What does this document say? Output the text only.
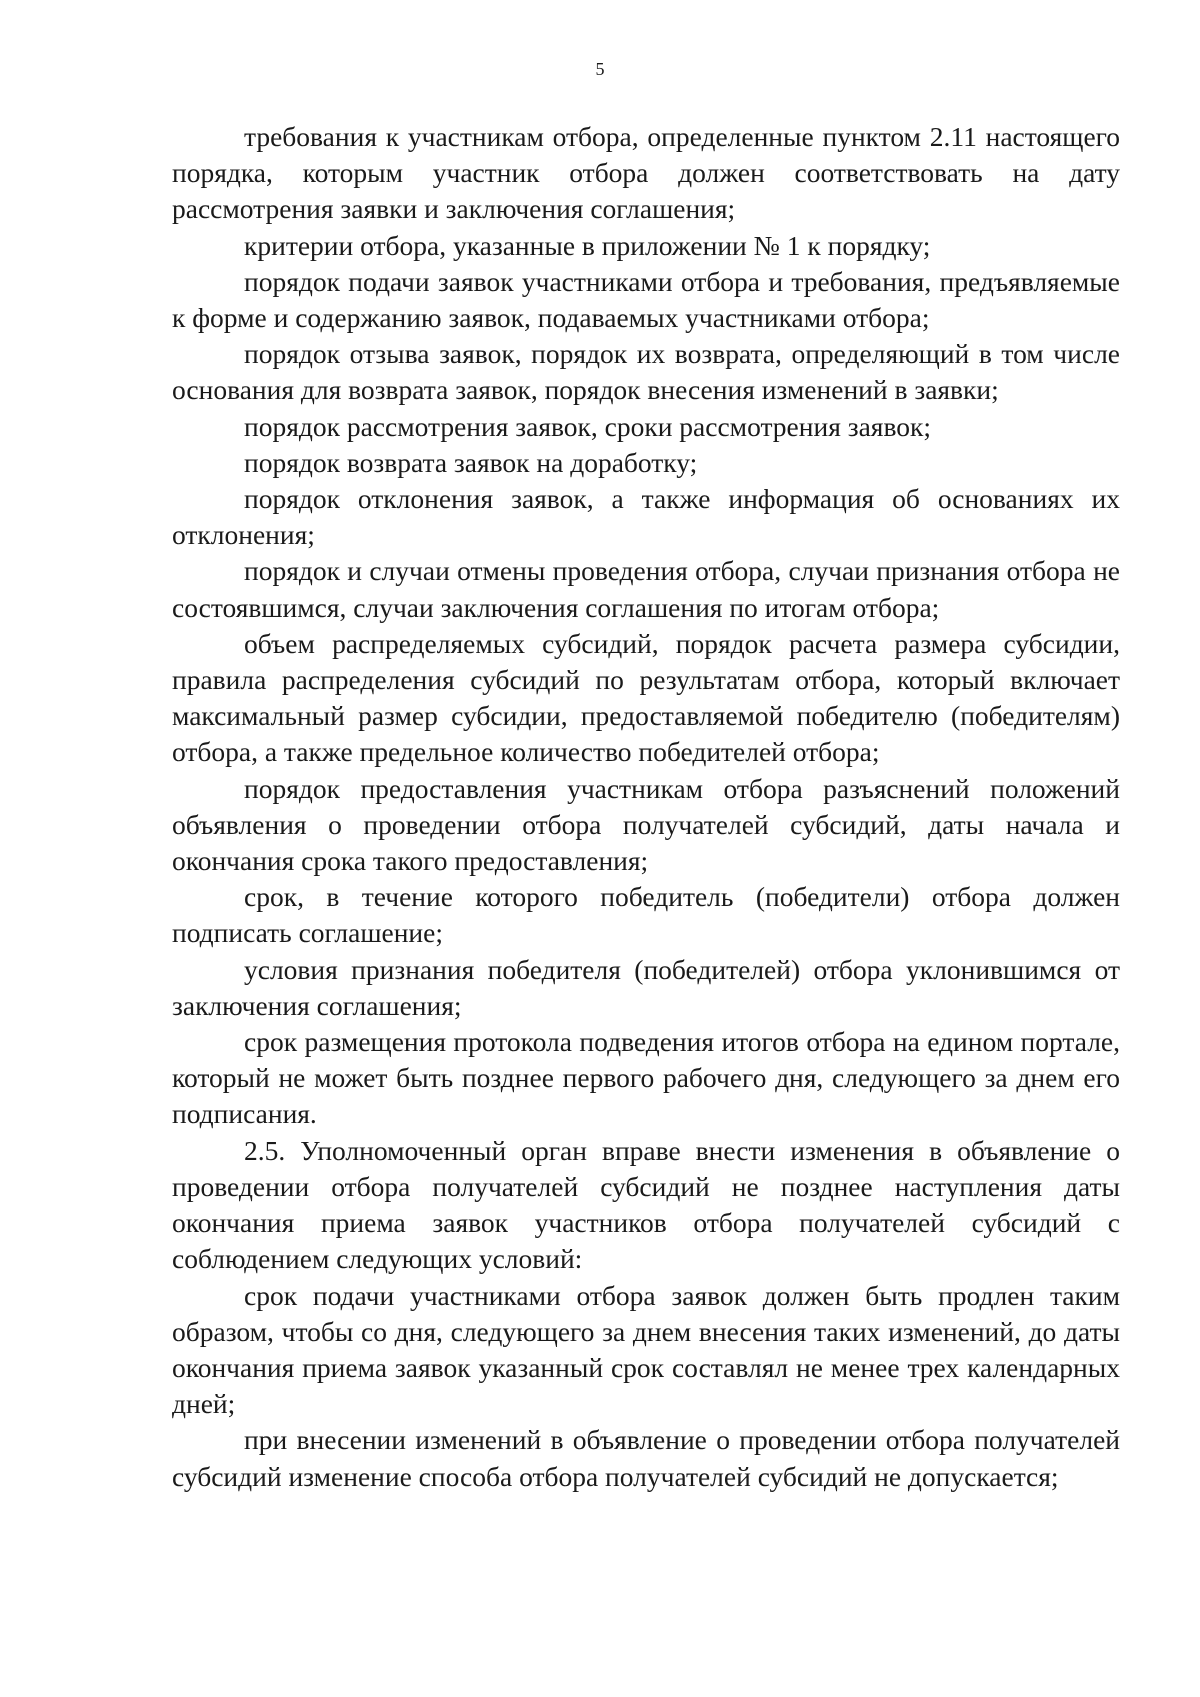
5

требования к участникам отбора, определенные пунктом 2.11 настоящего порядка, которым участник отбора должен соответствовать на дату рассмотрения заявки и заключения соглашения;

критерии отбора, указанные в приложении № 1 к порядку;

порядок подачи заявок участниками отбора и требования, предъявляемые к форме и содержанию заявок, подаваемых участниками отбора;

порядок отзыва заявок, порядок их возврата, определяющий в том числе основания для возврата заявок, порядок внесения изменений в заявки;

порядок рассмотрения заявок, сроки рассмотрения заявок;

порядок возврата заявок на доработку;

порядок отклонения заявок, а также информация об основаниях их отклонения;

порядок и случаи отмены проведения отбора, случаи признания отбора не состоявшимся, случаи заключения соглашения по итогам отбора;

объем распределяемых субсидий, порядок расчета размера субсидии, правила распределения субсидий по результатам отбора, который включает максимальный размер субсидии, предоставляемой победителю (победителям) отбора, а также предельное количество победителей отбора;

порядок предоставления участникам отбора разъяснений положений объявления о проведении отбора получателей субсидий, даты начала и окончания срока такого предоставления;

срок, в течение которого победитель (победители) отбора должен подписать соглашение;

условия признания победителя (победителей) отбора уклонившимся от заключения соглашения;

срок размещения протокола подведения итогов отбора на едином портале, который не может быть позднее первого рабочего дня, следующего за днем его подписания.

2.5. Уполномоченный орган вправе внести изменения в объявление о проведении отбора получателей субсидий не позднее наступления даты окончания приема заявок участников отбора получателей субсидий с соблюдением следующих условий:

срок подачи участниками отбора заявок должен быть продлен таким образом, чтобы со дня, следующего за днем внесения таких изменений, до даты окончания приема заявок указанный срок составлял не менее трех календарных дней;

при внесении изменений в объявление о проведении отбора получателей субсидий изменение способа отбора получателей субсидий не допускается;
